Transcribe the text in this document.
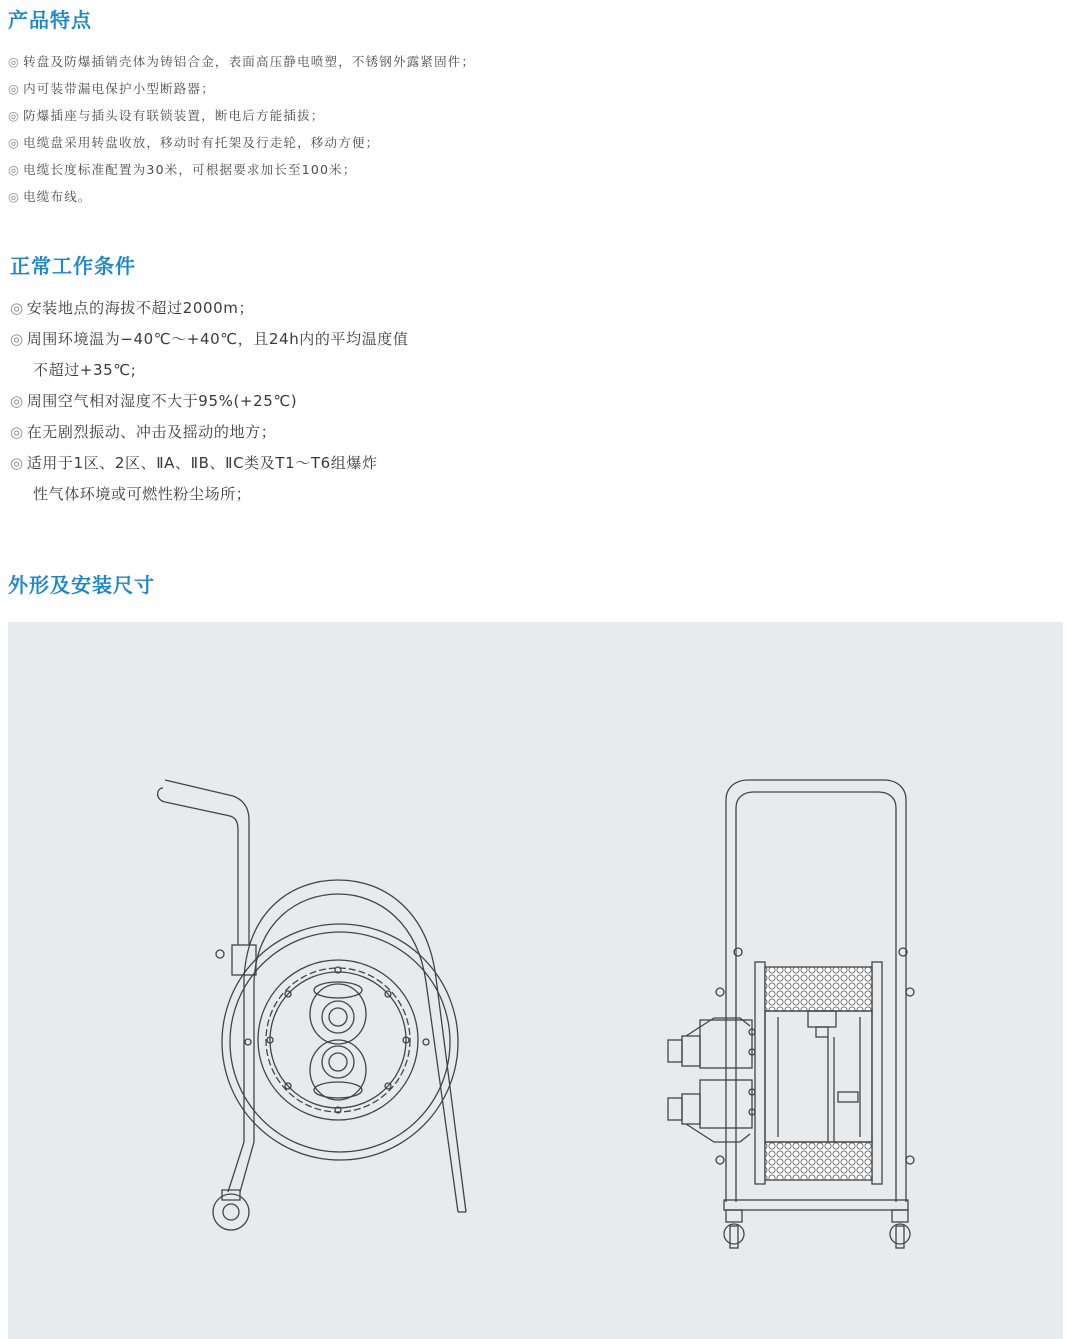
产品特点
◎ 转盘及防爆插销壳体为铸铝合金，表面高压静电喷塑，不锈钢外露紧固件；
◎ 内可装带漏电保护小型断路器；
◎ 防爆插座与插头设有联锁装置，断电后方能插拔；
◎ 电缆盘采用转盘收放，移动时有托架及行走轮，移动方便；
◎ 电缆长度标准配置为30米，可根据要求加长至100米；
◎ 电缆布线。
正常工作条件
◎ 安装地点的海拔不超过2000m；
◎ 周围环境温为−40℃～+40℃，且24h内的平均温度值
不超过+35℃;
◎ 周围空气相对湿度不大于95%(+25℃)
◎ 在无剧烈振动、冲击及摇动的地方；
◎ 适用于1区、2区、ⅡA、ⅡB、ⅡC类及T1～T6组爆炸
性气体环境或可燃性粉尘场所；
外形及安装尺寸
